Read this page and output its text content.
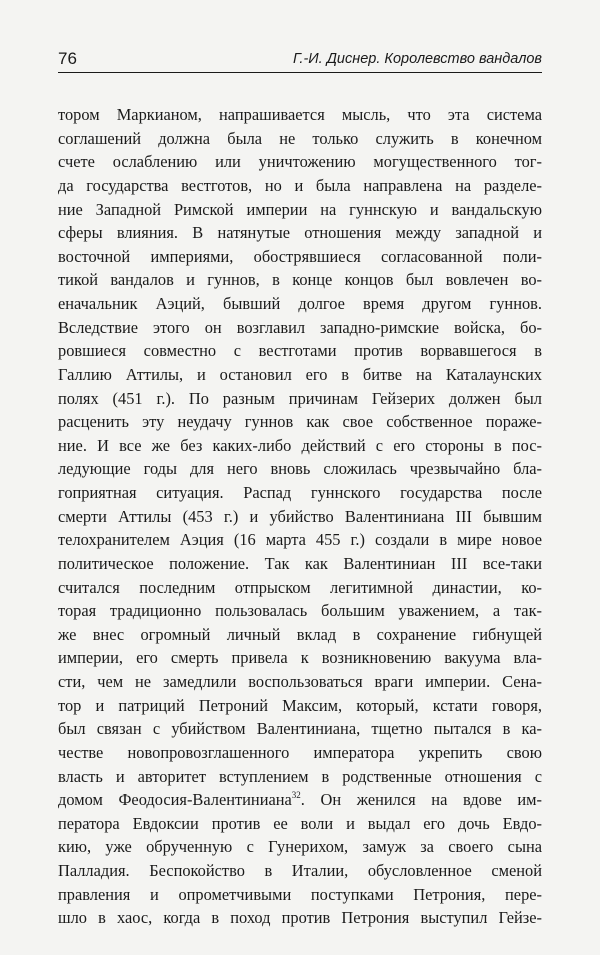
76	Г.-И. Диснер. Королевство вандалов
тором Маркианом, напрашивается мысль, что эта система
соглашений должна была не только служить в конечном
счете ослаблению или уничтожению могущественного тог-
да государства вестготов, но и была направлена на разделе-
ние Западной Римской империи на гуннскую и вандальскую
сферы влияния. В натянутые отношения между западной и
восточной империями, обострявшиеся согласованной поли-
тикой вандалов и гуннов, в конце концов был вовлечен во-
еначальник Аэций, бывший долгое время другом гуннов.
Вследствие этого он возглавил западно-римские войска, бо-
ровшиеся совместно с вестготами против ворвавшегося в
Галлию Аттилы, и остановил его в битве на Каталаунских
полях (451 г.). По разным причинам Гейзерих должен был
расценить эту неудачу гуннов как свое собственное пораже-
ние. И все же без каких-либо действий с его стороны в пос-
ледующие годы для него вновь сложилась чрезвычайно бла-
гоприятная ситуация. Распад гуннского государства после
смерти Аттилы (453 г.) и убийство Валентиниана III бывшим
телохранителем Аэция (16 марта 455 г.) создали в мире новое
политическое положение. Так как Валентиниан III все-таки
считался последним отпрыском легитимной династии, ко-
торая традиционно пользовалась большим уважением, а так-
же внес огромный личный вклад в сохранение гибнущей
империи, его смерть привела к возникновению вакуума вла-
сти, чем не замедлили воспользоваться враги империи. Сена-
тор и патриций Петроний Максим, который, кстати говоря,
был связан с убийством Валентиниана, тщетно пытался в ка-
честве новопровозглашенного императора укрепить свою
власть и авторитет вступлением в родственные отношения с
домом Феодосия-Валентиниана$^{32}$. Он женился на вдове им-
ператора Евдоксии против ее воли и выдал его дочь Евдо-
кию, уже обрученную с Гунерихом, замуж за своего сына
Палладия. Беспокойство в Италии, обусловленное сменой
правления и опрометчивыми поступками Петрония, пере-
шло в хаос, когда в поход против Петрония выступил Гейзе-
